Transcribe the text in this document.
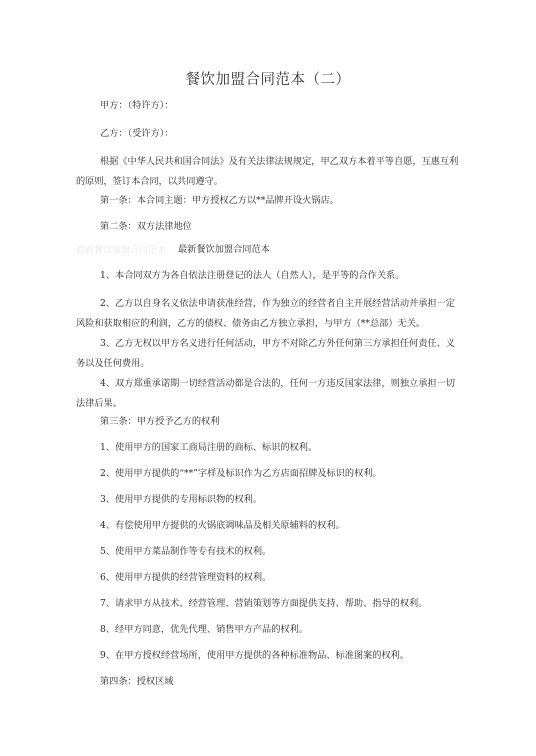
餐饮加盟合同范本（二）

甲方：（特许方）：

乙方：（受许方）：

根据《中华人民共和国合同法》及有关法律法规规定，甲乙双方本着平等自愿，互惠互利的原则，签订本合同，以共同遵守。

第一条：本合同主题：甲方授权乙方以**品牌开设火锅店。

第二条：双方法律地位

最新餐饮加盟合同范本 最新餐饮加盟合同范本

1、本合同双方为各自依法注册登记的法人（自然人），是平等的合作关系。

2、乙方以自身名义依法申请获准经营，作为独立的经营者自主开展经营活动并承担一定风险和获取相应的利润，乙方的债权、债务由乙方独立承担，与甲方（**总部）无关。

3、乙方无权以甲方名义进行任何活动，甲方不对除乙方外任何第三方承担任何责任、义务以及任何费用。

4、双方郑重承诺期一切经营活动都是合法的，任何一方违反国家法律，则独立承担一切法律后果。

第三条：甲方授予乙方的权利

1、使用甲方的国家工商局注册的商标、标识的权利。

2、使用甲方提供的“**”字样及标识作为乙方店面招牌及标识的权利。

3、使用甲方提供的专用标识物的权利。

4、有偿使用甲方提供的火锅底调味品及相关原辅料的权利。

5、使用甲方菜品制作等专有技术的权利。

6、使用甲方提供的经营管理资料的权利。

7、请求甲方从技术、经营管理、营销策划等方面提供支持、帮助、指导的权利。

8、经甲方同意，优先代理、销售甲方产品的权利。

9、在甲方授权经营场所，使用甲方提供的各种标准物品、标准图案的权利。

第四条：授权区域
